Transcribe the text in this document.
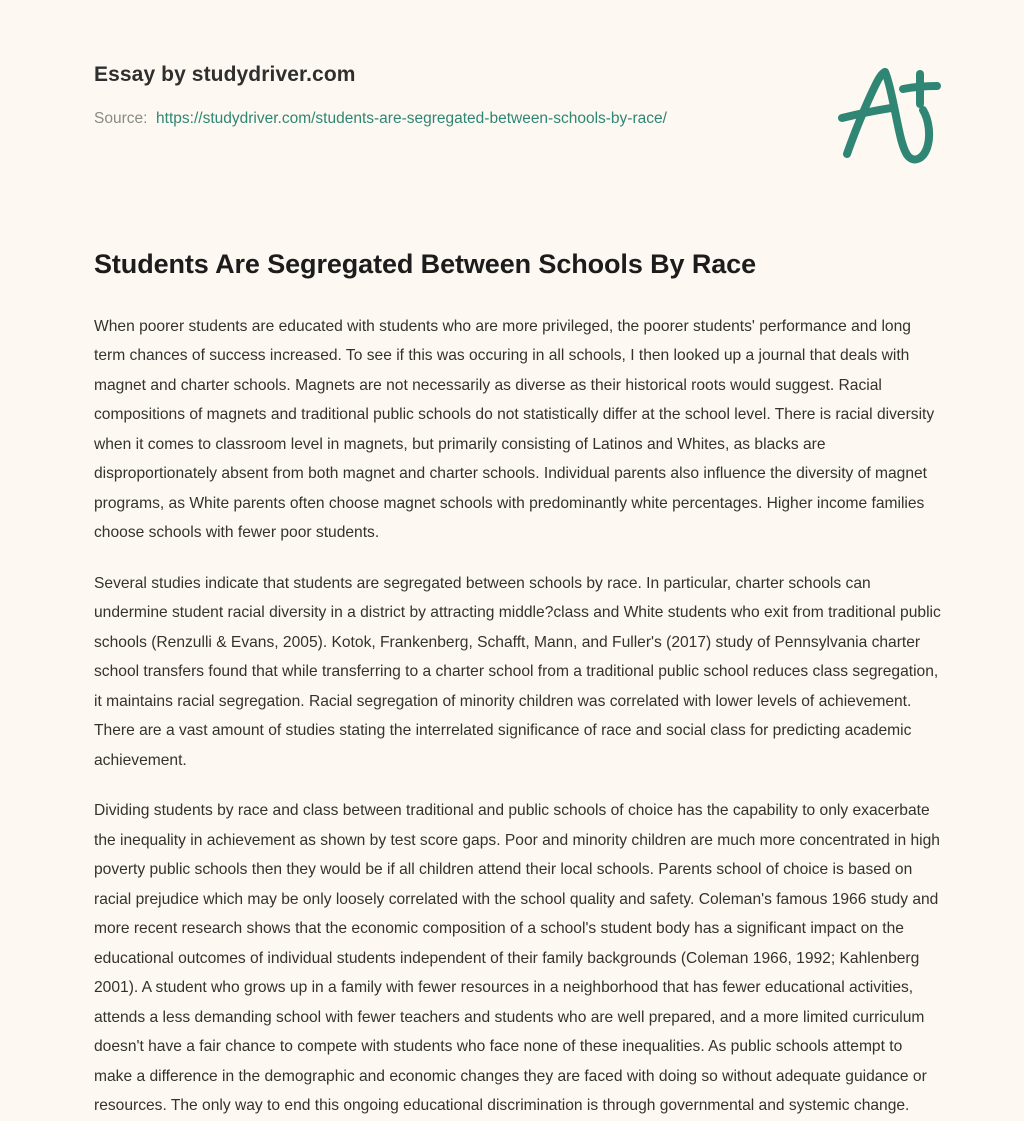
Essay by studydriver.com
Source: https://studydriver.com/students-are-segregated-between-schools-by-race/
Students Are Segregated Between Schools By Race

When poorer students are educated with students who are more privileged, the poorer students' performance and long term chances of success increased. To see if this was occuring in all schools, I then looked up a journal that deals with magnet and charter schools. Magnets are not necessarily as diverse as their historical roots would suggest. Racial compositions of magnets and traditional public schools do not statistically differ at the school level. There is racial diversity when it comes to classroom level in magnets, but primarily consisting of Latinos and Whites, as blacks are disproportionately absent from both magnet and charter schools. Individual parents also influence the diversity of magnet programs, as White parents often choose magnet schools with predominantly white percentages. Higher income families choose schools with fewer poor students.

Several studies indicate that students are segregated between schools by race. In particular, charter schools can undermine student racial diversity in a district by attracting middle?class and White students who exit from traditional public schools (Renzulli & Evans, 2005). Kotok, Frankenberg, Schafft, Mann, and Fuller's (2017) study of Pennsylvania charter school transfers found that while transferring to a charter school from a traditional public school reduces class segregation, it maintains racial segregation. Racial segregation of minority children was correlated with lower levels of achievement. There are a vast amount of studies stating the interrelated significance of race and social class for predicting academic achievement.

Dividing students by race and class between traditional and public schools of choice has the capability to only exacerbate the inequality in achievement as shown by test score gaps. Poor and minority children are much more concentrated in high poverty public schools then they would be if all children attend their local schools. Parents school of choice is based on racial prejudice which may be only loosely correlated with the school quality and safety. Coleman's famous 1966 study and more recent research shows that the economic composition of a school's student body has a significant impact on the educational outcomes of individual students independent of their family backgrounds (Coleman 1966, 1992; Kahlenberg 2001). A student who grows up in a family with fewer resources in a neighborhood that has fewer educational activities, attends a less demanding school with fewer teachers and students who are well prepared, and a more limited curriculum doesn't have a fair chance to compete with students who face none of these inequalities. As public schools attempt to make a difference in the demographic and economic changes they are faced with doing so without adequate guidance or resources. The only way to end this ongoing educational discrimination is through governmental and systemic change.
